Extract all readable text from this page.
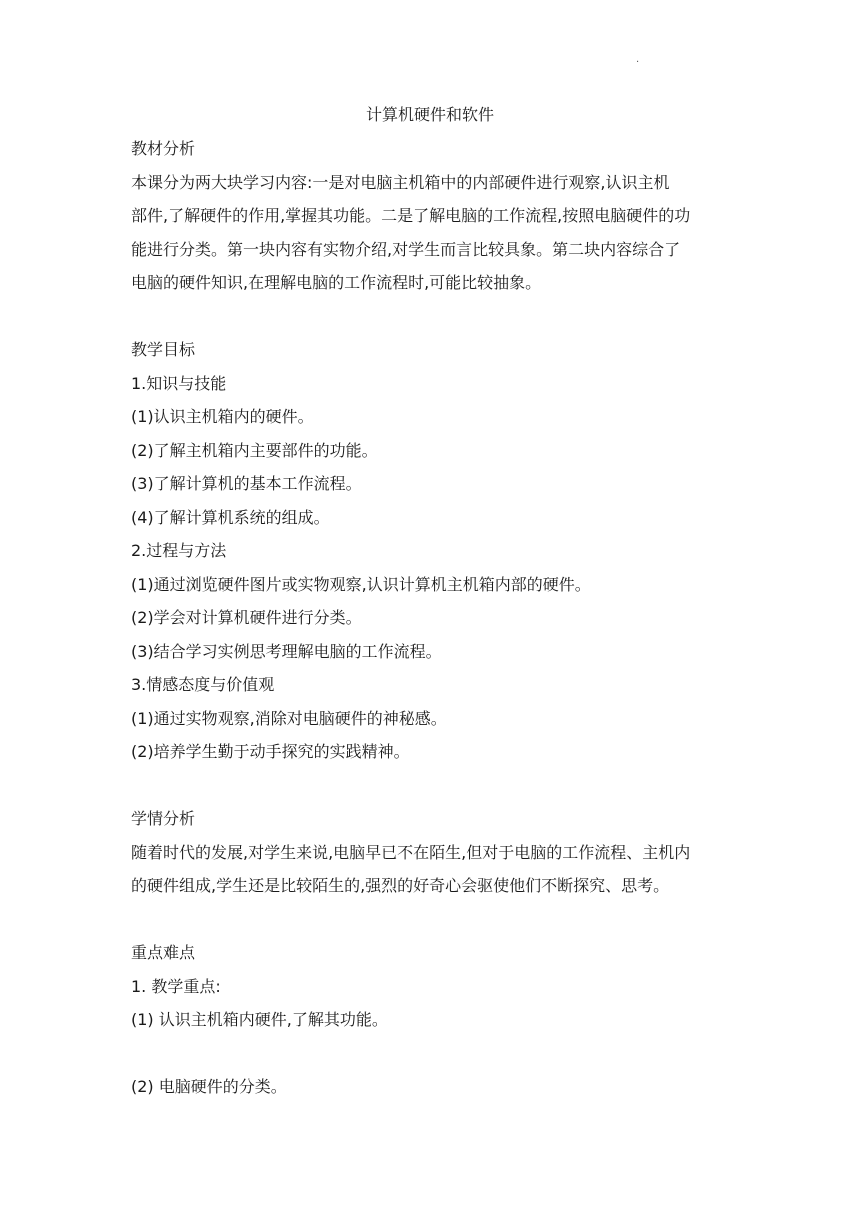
·
计算机硬件和软件
教材分析
本课分为两大块学习内容:一是对电脑主机箱中的内部硬件进行观察,认识主机
部件,了解硬件的作用,掌握其功能。二是了解电脑的工作流程,按照电脑硬件的功
能进行分类。第一块内容有实物介绍,对学生而言比较具象。第二块内容综合了
电脑的硬件知识,在理解电脑的工作流程时,可能比较抽象。
教学目标
1.知识与技能
(1)认识主机箱内的硬件。
(2)了解主机箱内主要部件的功能。
(3)了解计算机的基本工作流程。
(4)了解计算机系统的组成。
2.过程与方法
(1)通过浏览硬件图片或实物观察,认识计算机主机箱内部的硬件。
(2)学会对计算机硬件进行分类。
(3)结合学习实例思考理解电脑的工作流程。
3.情感态度与价值观
(1)通过实物观察,消除对电脑硬件的神秘感。
(2)培养学生勤于动手探究的实践精神。
学情分析
随着时代的发展,对学生来说,电脑早已不在陌生,但对于电脑的工作流程、主机内
的硬件组成,学生还是比较陌生的,强烈的好奇心会驱使他们不断探究、思考。
重点难点
1. 教学重点:
(1) 认识主机箱内硬件,了解其功能。
(2) 电脑硬件的分类。
